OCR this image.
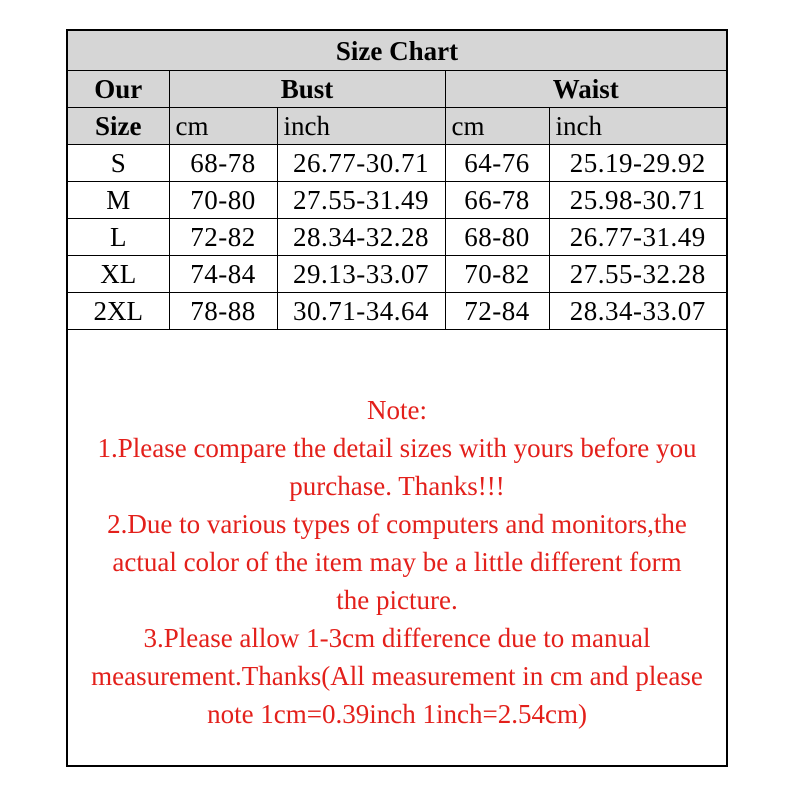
Size Chart				
Our	Bust		Waist	
Size	cm	inch	cm	inch
S	68-78	26.77-30.71	64-76	25.19-29.92
M	70-80	27.55-31.49	66-78	25.98-30.71
L	72-82	28.34-32.28	68-80	26.77-31.49
XL	74-84	29.13-33.07	70-82	27.55-32.28
2XL	78-88	30.71-34.64	72-84	28.34-33.07

Note:

1.Please compare the detail sizes with yours before you

purchase. Thanks!!!

2.Due to various types of computers and monitors,the

actual color of the item may be a little different form

the picture.

3.Please allow 1-3cm difference due to manual

measurement.Thanks(All measurement in cm and please

note 1cm=0.39inch 1inch=2.54cm)
